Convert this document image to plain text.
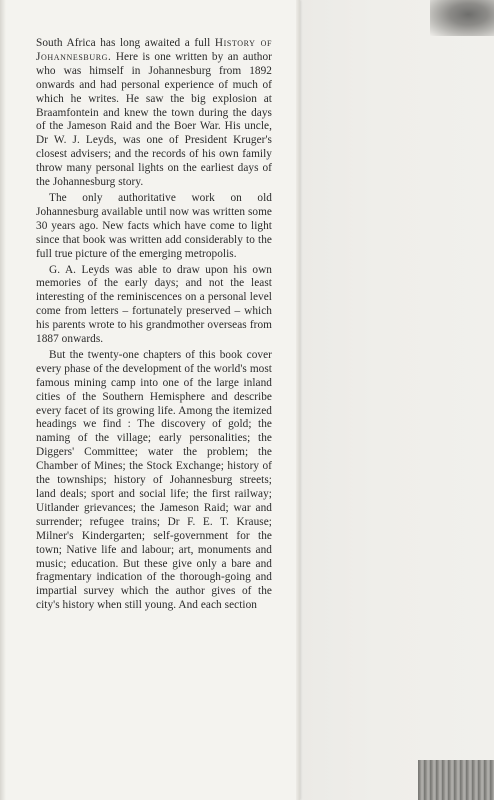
South Africa has long awaited a full History of Johannesburg. Here is one written by an author who was himself in Johannesburg from 1892 onwards and had personal experience of much of which he writes. He saw the big explosion at Braamfontein and knew the town during the days of the Jameson Raid and the Boer War. His uncle, Dr W. J. Leyds, was one of President Kruger's closest advisers; and the records of his own family throw many personal lights on the earliest days of the Johannesburg story.

The only authoritative work on old Johannesburg available until now was written some 30 years ago. New facts which have come to light since that book was written add considerably to the full true picture of the emerging metropolis.

G. A. Leyds was able to draw upon his own memories of the early days; and not the least interesting of the reminiscences on a personal level come from letters – fortunately preserved – which his parents wrote to his grandmother overseas from 1887 onwards.

But the twenty-one chapters of this book cover every phase of the development of the world's most famous mining camp into one of the large inland cities of the Southern Hemisphere and describe every facet of its growing life. Among the itemized headings we find : The discovery of gold; the naming of the village; early personalities; the Diggers' Committee; water the problem; the Chamber of Mines; the Stock Exchange; history of the townships; history of Johannesburg streets; land deals; sport and social life; the first railway; Uitlander grievances; the Jameson Raid; war and surrender; refugee trains; Dr F. E. T. Krause; Milner's Kindergarten; self-government for the town; Native life and labour; art, monuments and music; education. But these give only a bare and fragmentary indication of the thorough-going and impartial survey which the author gives of the city's history when still young. And each section
